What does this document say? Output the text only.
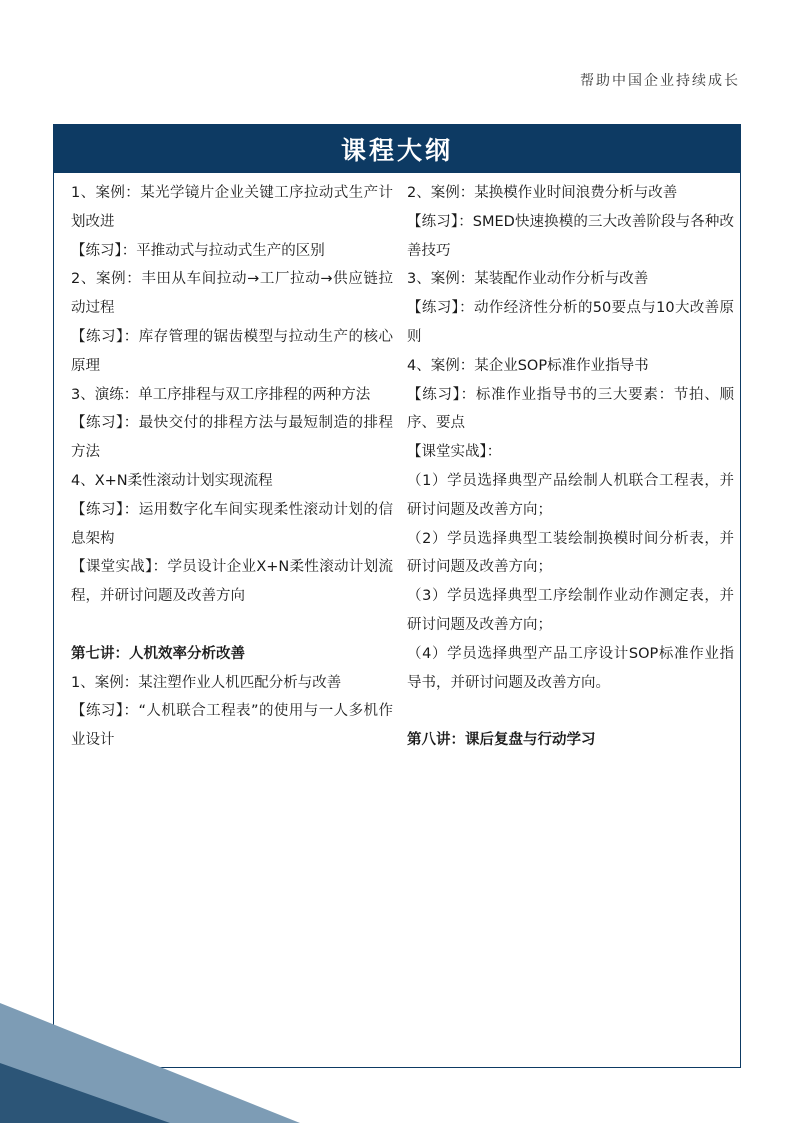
帮助中国企业持续成长
课程大纲
1、案例：某光学镜片企业关键工序拉动式生产计划改进
【练习】：平推动式与拉动式生产的区别
2、案例：丰田从车间拉动→工厂拉动→供应链拉动过程
【练习】：库存管理的锯齿模型与拉动生产的核心原理
3、演练：单工序排程与双工序排程的两种方法
【练习】：最快交付的排程方法与最短制造的排程方法
4、X+N柔性滚动计划实现流程
【练习】：运用数字化车间实现柔性滚动计划的信息架构
【课堂实战】：学员设计企业X+N柔性滚动计划流程，并研讨问题及改善方向
第七讲：人机效率分析改善
1、案例：某注塑作业人机匹配分析与改善
【练习】：“人机联合工程表”的使用与一人多机作业设计
2、案例：某换模作业时间浪费分析与改善
【练习】：SMED快速换模的三大改善阶段与各种改善技巧
3、案例：某装配作业动作分析与改善
【练习】：动作经济性分析的50要点与10大改善原则
4、案例：某企业SOP标准作业指导书
【练习】：标准作业指导书的三大要素：节拍、顺序、要点
【课堂实战】：
（1）学员选择典型产品绘制人机联合工程表，并研讨问题及改善方向；
（2）学员选择典型工装绘制换模时间分析表，并研讨问题及改善方向；
（3）学员选择典型工序绘制作业动作测定表，并研讨问题及改善方向；
（4）学员选择典型产品工序设计SOP标准作业指导书，并研讨问题及改善方向。
第八讲：课后复盘与行动学习
